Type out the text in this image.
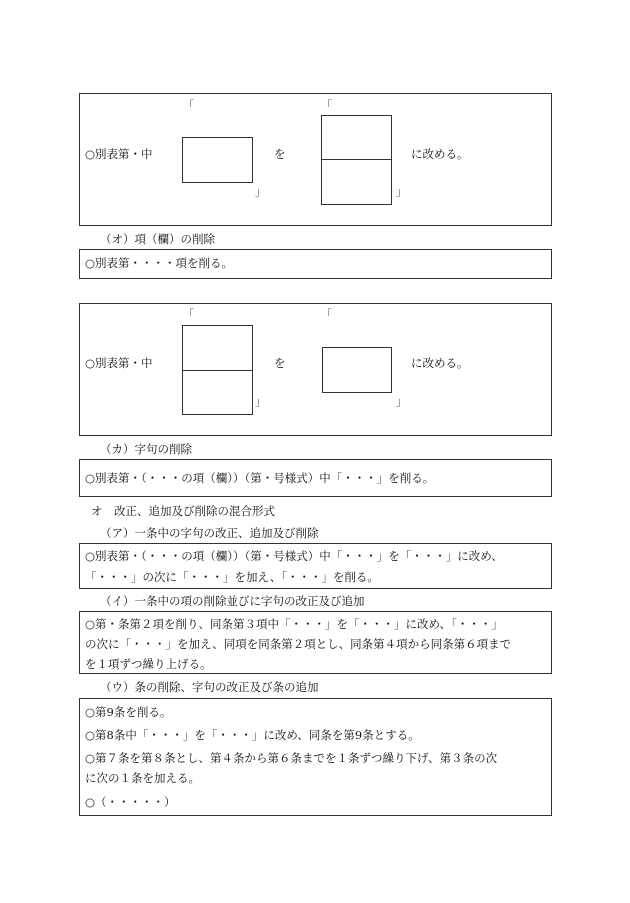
○別表第・中
「
」
を
「
」
に改める。
（オ）項（欄）の削除
○別表第・・・・項を削る。
○別表第・中
「
」
を
「
」
に改める。
（カ）字句の削除
○別表第・（・・・の項（欄））（第・号様式）中「・・・」を削る。
オ　改正、追加及び削除の混合形式
（ア）一条中の字句の改正、追加及び削除
○別表第・（・・・の項（欄））（第・号様式）中「・・・」を「・・・」に改め、
「・・・」の次に「・・・」を加え、「・・・」を削る。
（イ）一条中の項の削除並びに字句の改正及び追加
○第・条第２項を削り、同条第３項中「・・・」を「・・・」に改め、「・・・」
の次に「・・・」を加え、同項を同条第２項とし、同条第４項から同条第６項まで
を１項ずつ繰り上げる。
（ウ）条の削除、字句の改正及び条の追加
○第9条を削る。
○第8条中「・・・」を「・・・」に改め、同条を第9条とする。
○第７条を第８条とし、第４条から第６条までを１条ずつ繰り下げ、第３条の次
に次の１条を加える。
○（・・・・・）
